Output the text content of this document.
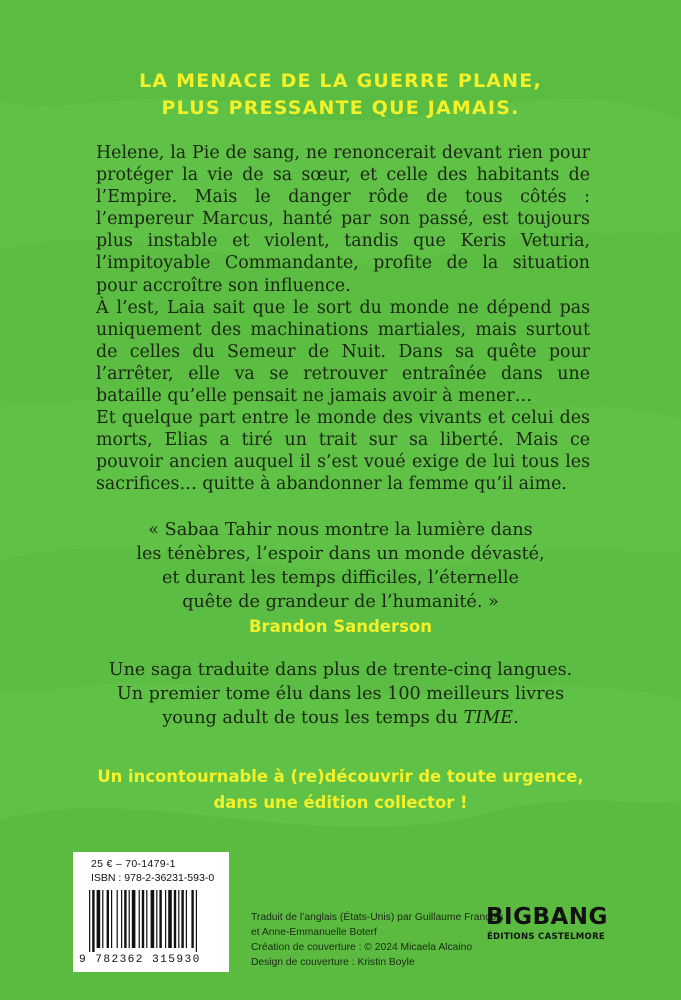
LA MENACE DE LA GUERRE PLANE,
PLUS PRESSANTE QUE JAMAIS.

Helene, la Pie de sang, ne renoncerait devant rien pour protéger la vie de sa sœur, et celle des habitants de l’Empire. Mais le danger rôde de tous côtés : l’empereur Marcus, hanté par son passé, est toujours plus instable et violent, tandis que Keris Veturia, l’impitoyable Commandante, profite de la situation pour accroître son influence.

À l’est, Laia sait que le sort du monde ne dépend pas uniquement des machinations martiales, mais surtout de celles du Semeur de Nuit. Dans sa quête pour l’arrêter, elle va se retrouver entraînée dans une bataille qu’elle pensait ne jamais avoir à mener…

Et quelque part entre le monde des vivants et celui des morts, Elias a tiré un trait sur sa liberté. Mais ce pouvoir ancien auquel il s’est voué exige de lui tous les sacrifices… quitte à abandonner la femme qu’il aime.

« Sabaa Tahir nous montre la lumière dans
les ténèbres, l’espoir dans un monde dévasté,
et durant les temps difficiles, l’éternelle
quête de grandeur de l’humanité. »
Brandon Sanderson
Une saga traduite dans plus de trente-cinq langues.
Un premier tome élu dans les 100 meilleurs livres
young adult de tous les temps du TIME.
Un incontournable à (re)découvrir de toute urgence,
dans une édition collector !
25 € – 70-1479-1
ISBN : 978-2-36231-593-0
9 782362 315930
Traduit de l’anglais (États-Unis) par Guillaume François
et Anne-Emmanuelle Boterf
Création de couverture : © 2024 Micaela Alcaino
Design de couverture : Kristin Boyle
BIGBANG
ÉDITIONS CASTELMORE
